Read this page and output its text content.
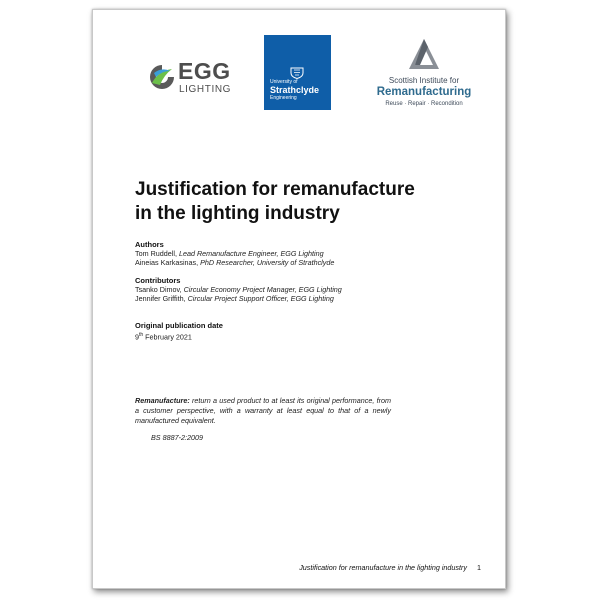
EGG
LIGHTING
University of
Strathclyde
Engineering
Scottish Institute for
Remanufacturing
Reuse · Repair · Recondition
Justification for remanufacture
in the lighting industry
Authors
Tom Ruddell, Lead Remanufacture Engineer, EGG Lighting
Aineias Karkasinas, PhD Researcher, University of Strathclyde
Contributors
Tsanko Dimov, Circular Economy Project Manager, EGG Lighting
Jennifer Griffith, Circular Project Support Officer, EGG Lighting
Original publication date
9th February 2021
Remanufacture: return a used product to at least its original performance, from a customer perspective, with a warranty at least equal to that of a newly manufactured equivalent.
BS 8887-2:2009
Justification for remanufacture in the lighting industry 1
